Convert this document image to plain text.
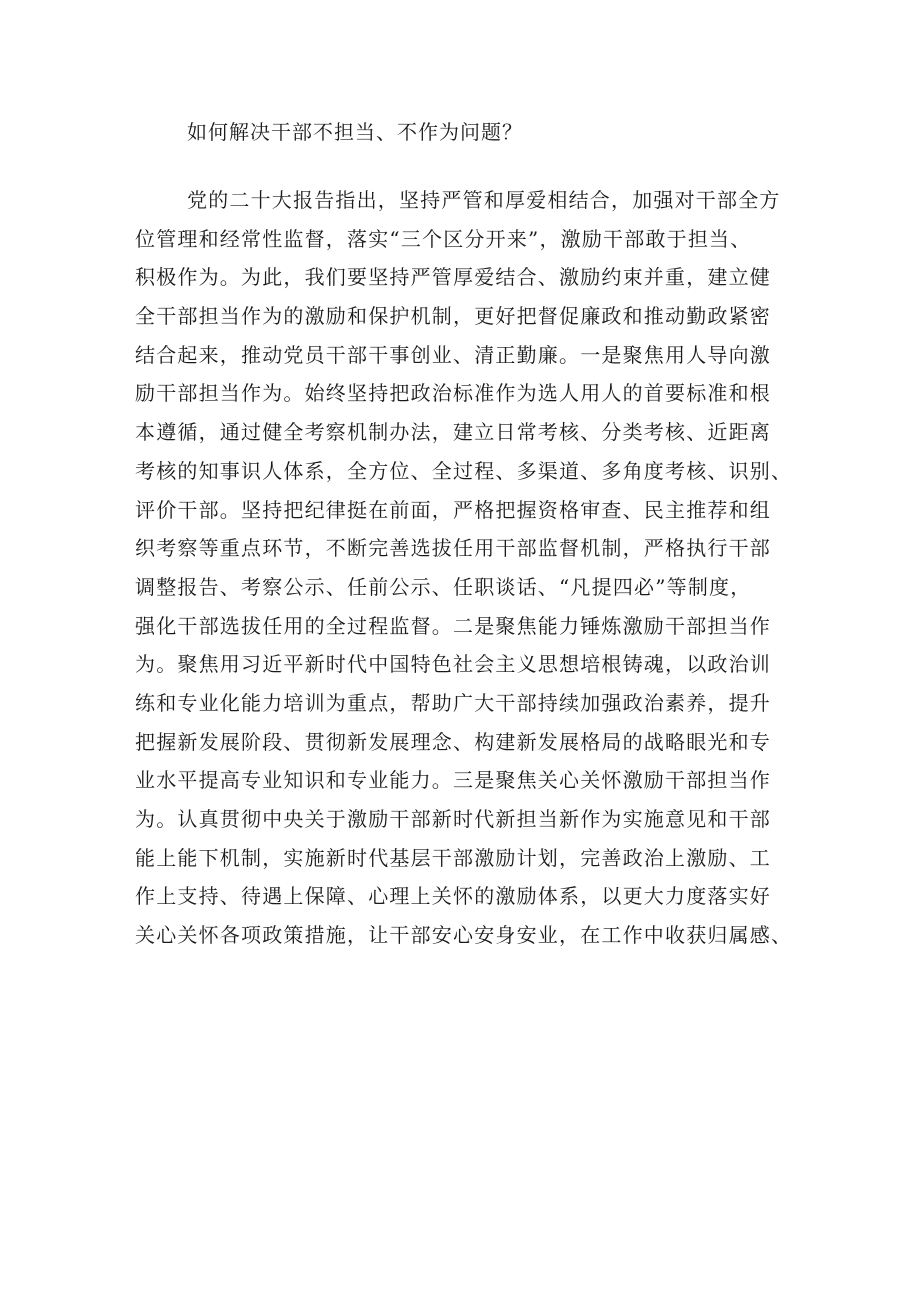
如何解决干部不担当、不作为问题？
党的二十大报告指出，坚持严管和厚爱相结合，加强对干部全方
位管理和经常性监督，落实“三个区分开来”，激励干部敢于担当、
积极作为。为此，我们要坚持严管厚爱结合、激励约束并重，建立健
全干部担当作为的激励和保护机制，更好把督促廉政和推动勤政紧密
结合起来，推动党员干部干事创业、清正勤廉。一是聚焦用人导向激
励干部担当作为。始终坚持把政治标准作为选人用人的首要标准和根
本遵循，通过健全考察机制办法，建立日常考核、分类考核、近距离
考核的知事识人体系，全方位、全过程、多渠道、多角度考核、识别、
评价干部。坚持把纪律挺在前面，严格把握资格审查、民主推荐和组
织考察等重点环节，不断完善选拔任用干部监督机制，严格执行干部
调整报告、考察公示、任前公示、任职谈话、“凡提四必”等制度，
强化干部选拔任用的全过程监督。二是聚焦能力锤炼激励干部担当作
为。聚焦用习近平新时代中国特色社会主义思想培根铸魂，以政治训
练和专业化能力培训为重点，帮助广大干部持续加强政治素养，提升
把握新发展阶段、贯彻新发展理念、构建新发展格局的战略眼光和专
业水平提高专业知识和专业能力。三是聚焦关心关怀激励干部担当作
为。认真贯彻中央关于激励干部新时代新担当新作为实施意见和干部
能上能下机制，实施新时代基层干部激励计划，完善政治上激励、工
作上支持、待遇上保障、心理上关怀的激励体系，以更大力度落实好
关心关怀各项政策措施，让干部安心安身安业，在工作中收获归属感、
